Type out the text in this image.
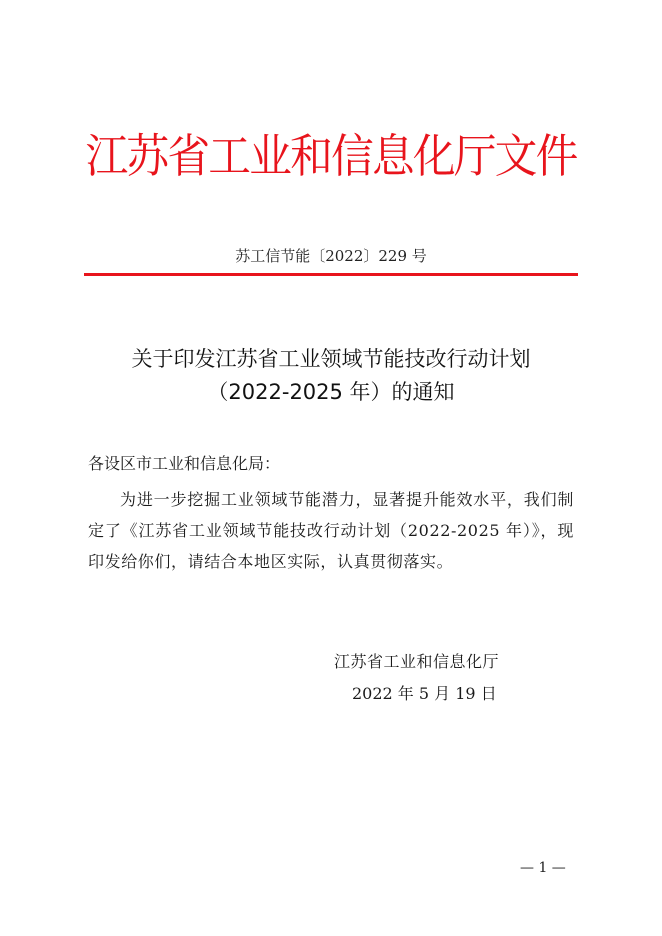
江苏省工业和信息化厅文件
苏工信节能〔2022〕229 号
关于印发江苏省工业领域节能技改行动计划
（2022-2025 年）的通知
各设区市工业和信息化局：
为进一步挖掘工业领域节能潜力，显著提升能效水平，我们制定了《江苏省工业领域节能技改行动计划（2022-2025 年）》，现印发给你们，请结合本地区实际，认真贯彻落实。
江苏省工业和信息化厅
2022 年 5 月 19 日
— 1 —
